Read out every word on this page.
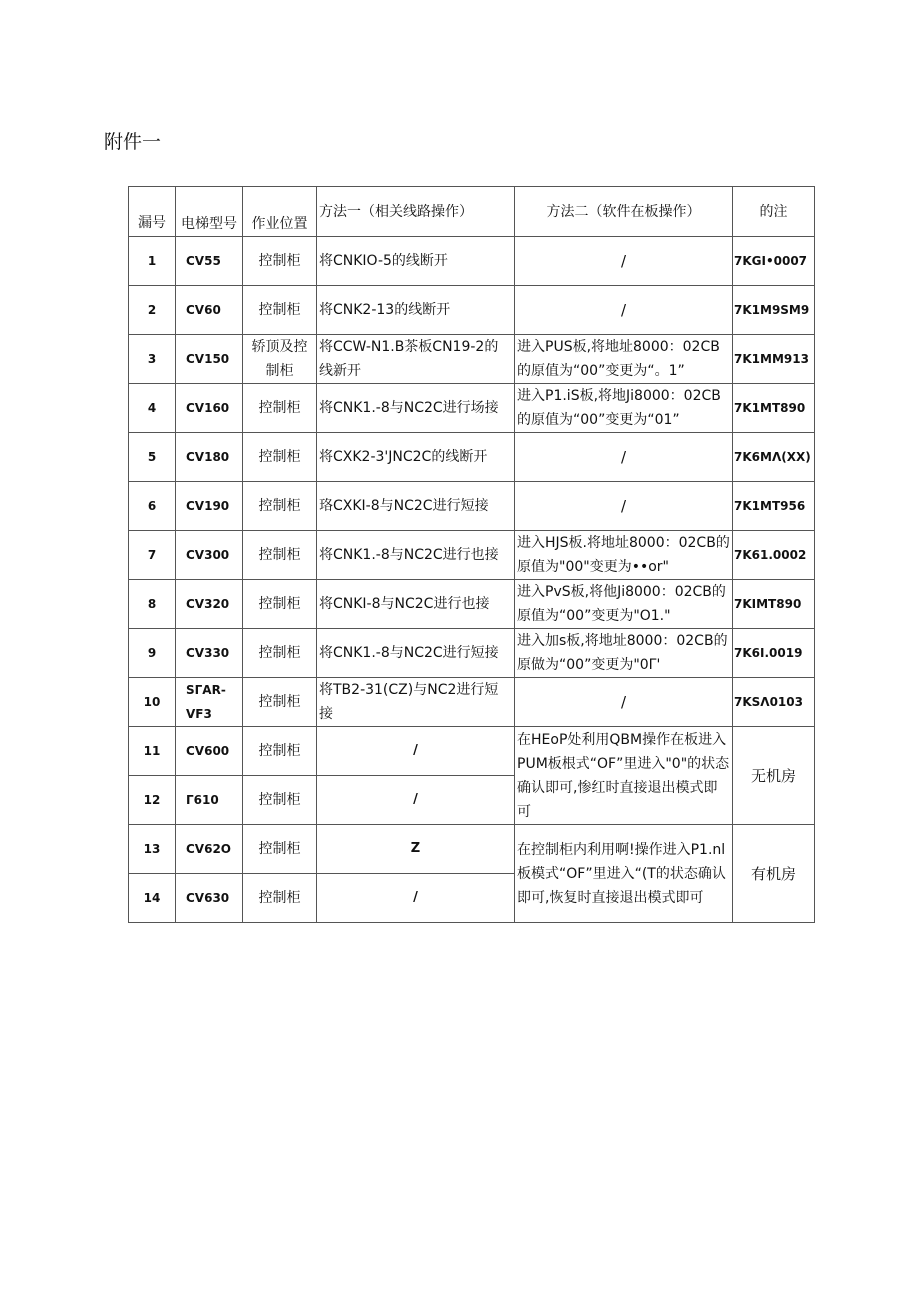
附件一
漏号	电梯型号	作业位置	方法一（相关线路操作）	方法二（软件在板操作）	的注
1	CV55	控制柜	将CNKIO-5的线断开	/	7KGI•0007
2	CV60	控制柜	将CNK2-13的线断开	/	7K1M9SM9
3	CV150	轿顶及控制柜	将CCW-N1.B茶板CN19-2的线新开	进入PUS板,将地址8000：02CB的原值为“00”变更为“。1”	7K1MM913
4	CV160	控制柜	将CNK1.-8与NC2C进行场接	进入P1.iS板,将地Ji8000：02CB的原值为“00”变更为“01”	7K1MT890
5	CV180	控制柜	将CXK2-3'JNC2C的线断开	/	7K6MΛ(XX)
6	CV190	控制柜	珞CXKI-8与NC2C进行短接	/	7K1MT956
7	CV300	控制柜	将CNK1.-8与NC2C进行也接	进入HJS板.将地址8000：02CB的原值为"00"变更为••or"	7K61.0002
8	CV320	控制柜	将CNKI-8与NC2C进行也接	进入PvS板,将他Ji8000：02CB的原值为“00”变更为"O1."	7KIMT890
9	CV330	控制柜	将CNK1.-8与NC2C进行短接	进入加s板,将地址8000：02CB的原做为“00”变更为"0Γ'	7K6I.0019
10	SΓAR-VF3	控制柜	将TB2-31(CZ)与NC2进行短接	/	7KSΛ0103
11	CV600	控制柜	/	在HEoP处利用QBM操作在板进入PUM板根式“OF”里进入"0"的状态确认即可,惨红时直接退出模式即可	无机房
12	Γ610	控制柜	/		
13	CV62O	控制柜	Z	在控制柜内利用啊!操作进入P1.nl板模式“OF”里进入“(T的状态确认即可,恢复时直接退出模式即可	有机房
14	CV630	控制柜	/		
